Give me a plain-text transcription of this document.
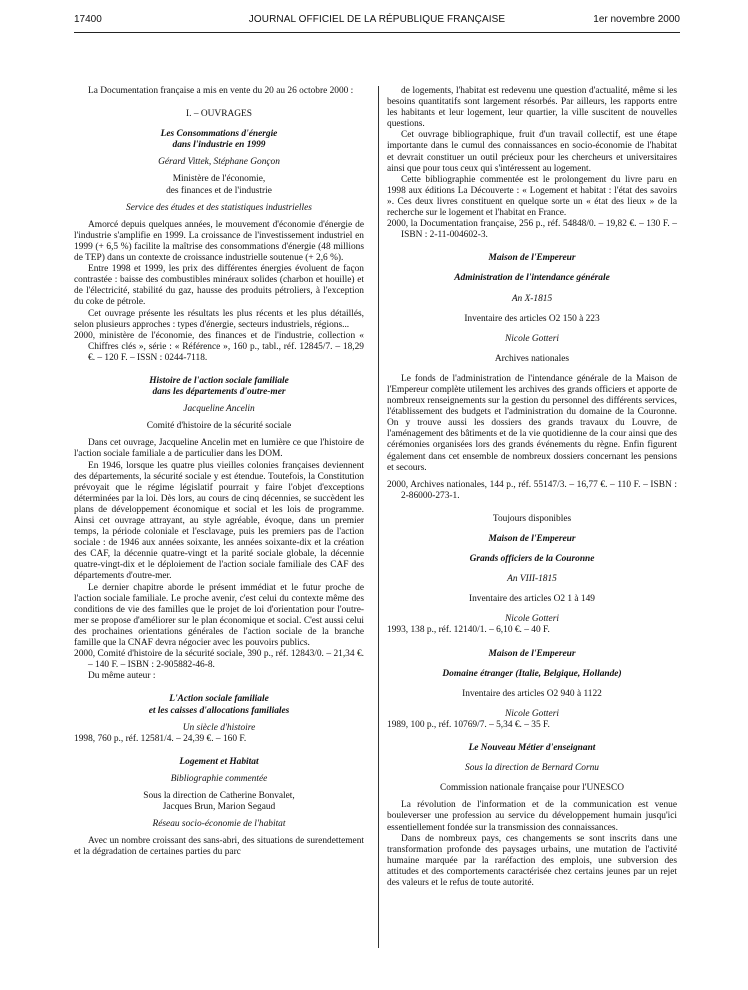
17400	JOURNAL OFFICIEL DE LA RÉPUBLIQUE FRANÇAISE	1er novembre 2000

La Documentation française a mis en vente du 20 au 26 octobre 2000 :

I. – OUVRAGES

Les Consommations d'énergie
dans l'industrie en 1999

Gérard Vittek, Stéphane Gonçon

Ministère de l'économie,
des finances et de l'industrie

Service des études et des statistiques industrielles

Amorcé depuis quelques années, le mouvement d'économie d'énergie de l'industrie s'amplifie en 1999. La croissance de l'investissement industriel en 1999 (+ 6,5 %) facilite la maîtrise des consommations d'énergie (48 millions de TEP) dans un contexte de croissance industrielle soutenue (+ 2,6 %).

Entre 1998 et 1999, les prix des différentes énergies évoluent de façon contrastée : baisse des combustibles minéraux solides (charbon et houille) et de l'électricité, stabilité du gaz, hausse des produits pétroliers, à l'exception du coke de pétrole.

Cet ouvrage présente les résultats les plus récents et les plus détaillés, selon plusieurs approches : types d'énergie, secteurs industriels, régions...

2000, ministère de l'économie, des finances et de l'industrie, collection « Chiffres clés », série : « Référence », 160 p., tabl., réf. 12845/7. – 18,29 €. – 120 F. – ISSN : 0244-7118.

Histoire de l'action sociale familiale
dans les départements d'outre-mer

Jacqueline Ancelin

Comité d'histoire de la sécurité sociale

Dans cet ouvrage, Jacqueline Ancelin met en lumière ce que l'histoire de l'action sociale familiale a de particulier dans les DOM.

En 1946, lorsque les quatre plus vieilles colonies françaises deviennent des départements, la sécurité sociale y est étendue. Toutefois, la Constitution prévoyait que le régime législatif pourrait y faire l'objet d'exceptions déterminées par la loi. Dès lors, au cours de cinq décennies, se succèdent les plans de développement économique et social et les lois de programme. Ainsi cet ouvrage attrayant, au style agréable, évoque, dans un premier temps, la période coloniale et l'esclavage, puis les premiers pas de l'action sociale : de 1946 aux années soixante, les années soixante-dix et la création des CAF, la décennie quatre-vingt et la parité sociale globale, la décennie quatre-vingt-dix et le déploiement de l'action sociale familiale des CAF des départements d'outre-mer.

Le dernier chapitre aborde le présent immédiat et le futur proche de l'action sociale familiale. Le proche avenir, c'est celui du contexte même des conditions de vie des familles que le projet de loi d'orientation pour l'outre-mer se propose d'améliorer sur le plan économique et social. C'est aussi celui des prochaines orientations générales de l'action sociale de la branche famille que la CNAF devra négocier avec les pouvoirs publics.

2000, Comité d'histoire de la sécurité sociale, 390 p., réf. 12843/0. – 21,34 €. – 140 F. – ISBN : 2-905882-46-8.

Du même auteur :

L'Action sociale familiale
et les caisses d'allocations familiales

Un siècle d'histoire

1998, 760 p., réf. 12581/4. – 24,39 €. – 160 F.

Logement et Habitat

Bibliographie commentée

Sous la direction de Catherine Bonvalet,
Jacques Brun, Marion Segaud

Réseau socio-économie de l'habitat

Avec un nombre croissant des sans-abri, des situations de surendettement et la dégradation de certaines parties du parc

de logements, l'habitat est redevenu une question d'actualité, même si les besoins quantitatifs sont largement résorbés. Par ailleurs, les rapports entre les habitants et leur logement, leur quartier, la ville suscitent de nouvelles questions.

Cet ouvrage bibliographique, fruit d'un travail collectif, est une étape importante dans le cumul des connaissances en socio-économie de l'habitat et devrait constituer un outil précieux pour les chercheurs et universitaires ainsi que pour tous ceux qui s'intéressent au logement.

Cette bibliographie commentée est le prolongement du livre paru en 1998 aux éditions La Découverte : « Logement et habitat : l'état des savoirs ». Ces deux livres constituent en quelque sorte un « état des lieux » de la recherche sur le logement et l'habitat en France.

2000, la Documentation française, 256 p., réf. 54848/0. – 19,82 €. – 130 F. – ISBN : 2-11-004602-3.

Maison de l'Empereur

Administration de l'intendance générale

An X-1815

Inventaire des articles O2 150 à 223

Nicole Gotteri

Archives nationales

Le fonds de l'administration de l'intendance générale de la Maison de l'Empereur complète utilement les archives des grands officiers et apporte de nombreux renseignements sur la gestion du personnel des différents services, l'établissement des budgets et l'administration du domaine de la Couronne. On y trouve aussi les dossiers des grands travaux du Louvre, de l'aménagement des bâtiments et de la vie quotidienne de la cour ainsi que des cérémonies organisées lors des grands événements du règne. Enfin figurent également dans cet ensemble de nombreux dossiers concernant les pensions et secours.

2000, Archives nationales, 144 p., réf. 55147/3. – 16,77 €. – 110 F. – ISBN : 2-86000-273-1.

Toujours disponibles

Maison de l'Empereur

Grands officiers de la Couronne

An VIII-1815

Inventaire des articles O2 1 à 149

Nicole Gotteri

1993, 138 p., réf. 12140/1. – 6,10 €. – 40 F.

Maison de l'Empereur

Domaine étranger (Italie, Belgique, Hollande)

Inventaire des articles O2 940 à 1122

Nicole Gotteri

1989, 100 p., réf. 10769/7. – 5,34 €. – 35 F.

Le Nouveau Métier d'enseignant

Sous la direction de Bernard Cornu

Commission nationale française pour l'UNESCO

La révolution de l'information et de la communication est venue bouleverser une profession au service du développement humain jusqu'ici essentiellement fondée sur la transmission des connaissances.

Dans de nombreux pays, ces changements se sont inscrits dans une transformation profonde des paysages urbains, une mutation de l'activité humaine marquée par la raréfaction des emplois, une subversion des attitudes et des comportements caractérisée chez certains jeunes par un rejet des valeurs et le refus de toute autorité.
